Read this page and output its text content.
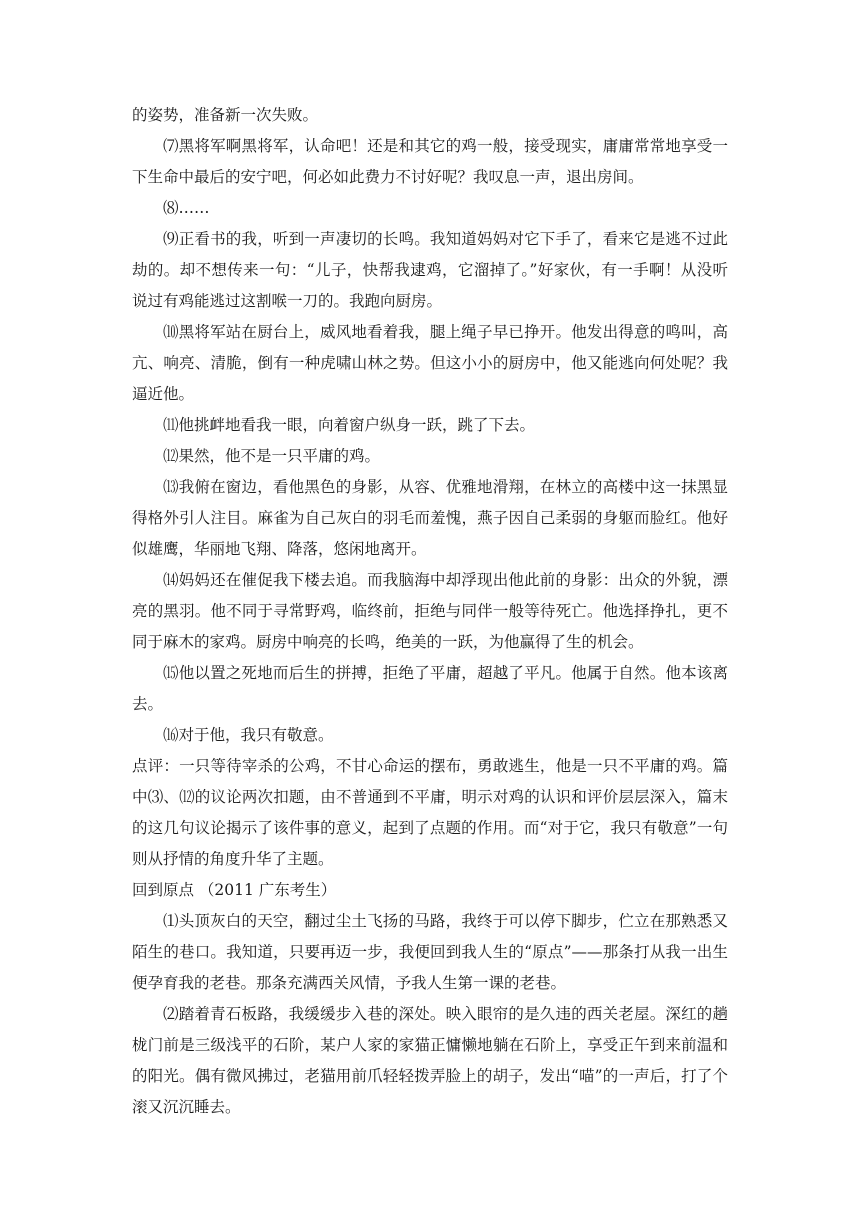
的姿势，准备新一次失败。

⑺黑将军啊黑将军，认命吧！还是和其它的鸡一般，接受现实，庸庸常常地享受一下生命中最后的安宁吧，何必如此费力不讨好呢？我叹息一声，退出房间。

⑻……

⑼正看书的我，听到一声凄切的长鸣。我知道妈妈对它下手了，看来它是逃不过此劫的。却不想传来一句：“儿子，快帮我逮鸡，它溜掉了。”好家伙，有一手啊！从没听说过有鸡能逃过这割喉一刀的。我跑向厨房。

⑽黑将军站在厨台上，威风地看着我，腿上绳子早已挣开。他发出得意的鸣叫，高亢、响亮、清脆，倒有一种虎啸山林之势。但这小小的厨房中，他又能逃向何处呢？我逼近他。

⑾他挑衅地看我一眼，向着窗户纵身一跃，跳了下去。

⑿果然，他不是一只平庸的鸡。

⒀我俯在窗边，看他黑色的身影，从容、优雅地滑翔，在林立的高楼中这一抹黑显得格外引人注目。麻雀为自己灰白的羽毛而羞愧，燕子因自己柔弱的身躯而脸红。他好似雄鹰，华丽地飞翔、降落，悠闲地离开。

⒁妈妈还在催促我下楼去追。而我脑海中却浮现出他此前的身影：出众的外貌，漂亮的黑羽。他不同于寻常野鸡，临终前，拒绝与同伴一般等待死亡。他选择挣扎，更不同于麻木的家鸡。厨房中响亮的长鸣，绝美的一跃，为他赢得了生的机会。

⒂他以置之死地而后生的拼搏，拒绝了平庸，超越了平凡。他属于自然。他本该离去。

⒃对于他，我只有敬意。

点评：一只等待宰杀的公鸡，不甘心命运的摆布，勇敢逃生，他是一只不平庸的鸡。篇中⑶、⑿的议论两次扣题，由不普通到不平庸，明示对鸡的认识和评价层层深入，篇末的这几句议论揭示了该件事的意义，起到了点题的作用。而“对于它，我只有敬意”一句则从抒情的角度升华了主题。

回到原点 （2011 广东考生）

⑴头顶灰白的天空，翻过尘土飞扬的马路，我终于可以停下脚步，伫立在那熟悉又陌生的巷口。我知道，只要再迈一步，我便回到我人生的“原点”——那条打从我一出生便孕育我的老巷。那条充满西关风情，予我人生第一课的老巷。

⑵踏着青石板路，我缓缓步入巷的深处。映入眼帘的是久违的西关老屋。深红的趟栊门前是三级浅平的石阶，某户人家的家猫正慵懒地躺在石阶上，享受正午到来前温和的阳光。偶有微风拂过，老猫用前爪轻轻拨弄脸上的胡子，发出“喵”的一声后，打了个滚又沉沉睡去。
